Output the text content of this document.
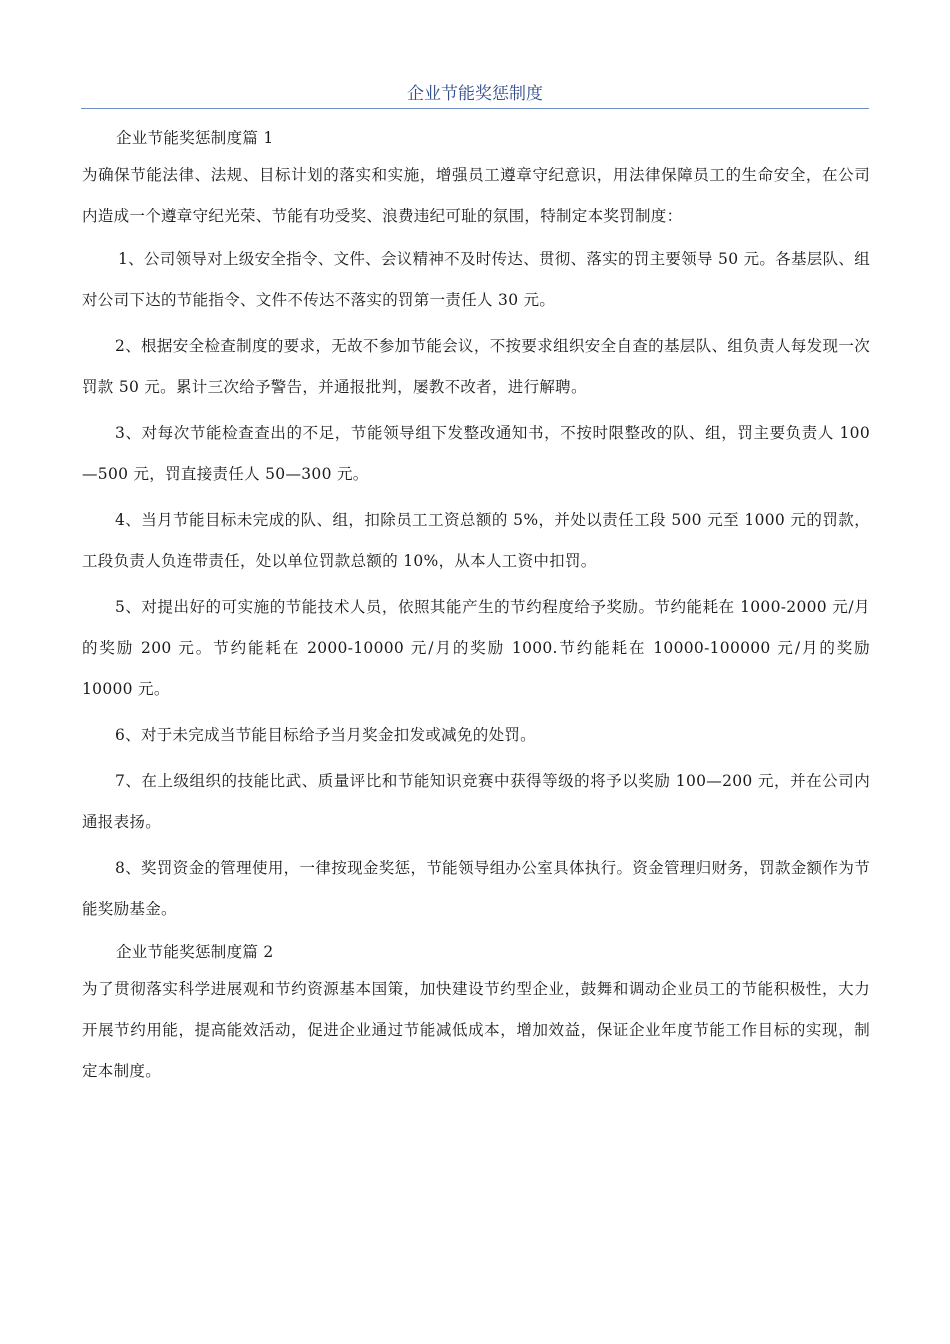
企业节能奖惩制度

企业节能奖惩制度篇 1

为确保节能法律、法规、目标计划的落实和实施，增强员工遵章守纪意识，用法律保障员工的生命安全，在公司内造成一个遵章守纪光荣、节能有功受奖、浪费违纪可耻的氛围，特制定本奖罚制度：

1、公司领导对上级安全指令、文件、会议精神不及时传达、贯彻、落实的罚主要领导 50 元。各基层队、组对公司下达的节能指令、文件不传达不落实的罚第一责任人 30 元。

2、根据安全检查制度的要求，无故不参加节能会议，不按要求组织安全自查的基层队、组负责人每发现一次罚款 50 元。累计三次给予警告，并通报批判，屡教不改者，进行解聘。

3、对每次节能检查查出的不足，节能领导组下发整改通知书，不按时限整改的队、组，罚主要负责人 100—500 元，罚直接责任人 50—300 元。

4、当月节能目标未完成的队、组，扣除员工工资总额的 5%，并处以责任工段 500 元至 1000 元的罚款，工段负责人负连带责任，处以单位罚款总额的 10%，从本人工资中扣罚。

5、对提出好的可实施的节能技术人员，依照其能产生的节约程度给予奖励。节约能耗在 1000-2000 元/月的奖励 200 元。节约能耗在 2000-10000 元/月的奖励 1000.节约能耗在 10000-100000 元/月的奖励 10000 元。

6、对于未完成当节能目标给予当月奖金扣发或减免的处罚。

7、在上级组织的技能比武、质量评比和节能知识竞赛中获得等级的将予以奖励 100—200 元，并在公司内通报表扬。

8、奖罚资金的管理使用，一律按现金奖惩，节能领导组办公室具体执行。资金管理归财务，罚款金额作为节能奖励基金。

企业节能奖惩制度篇 2

为了贯彻落实科学进展观和节约资源基本国策，加快建设节约型企业，鼓舞和调动企业员工的节能积极性，大力开展节约用能，提高能效活动，促进企业通过节能减低成本，增加效益，保证企业年度节能工作目标的实现，制定本制度。
